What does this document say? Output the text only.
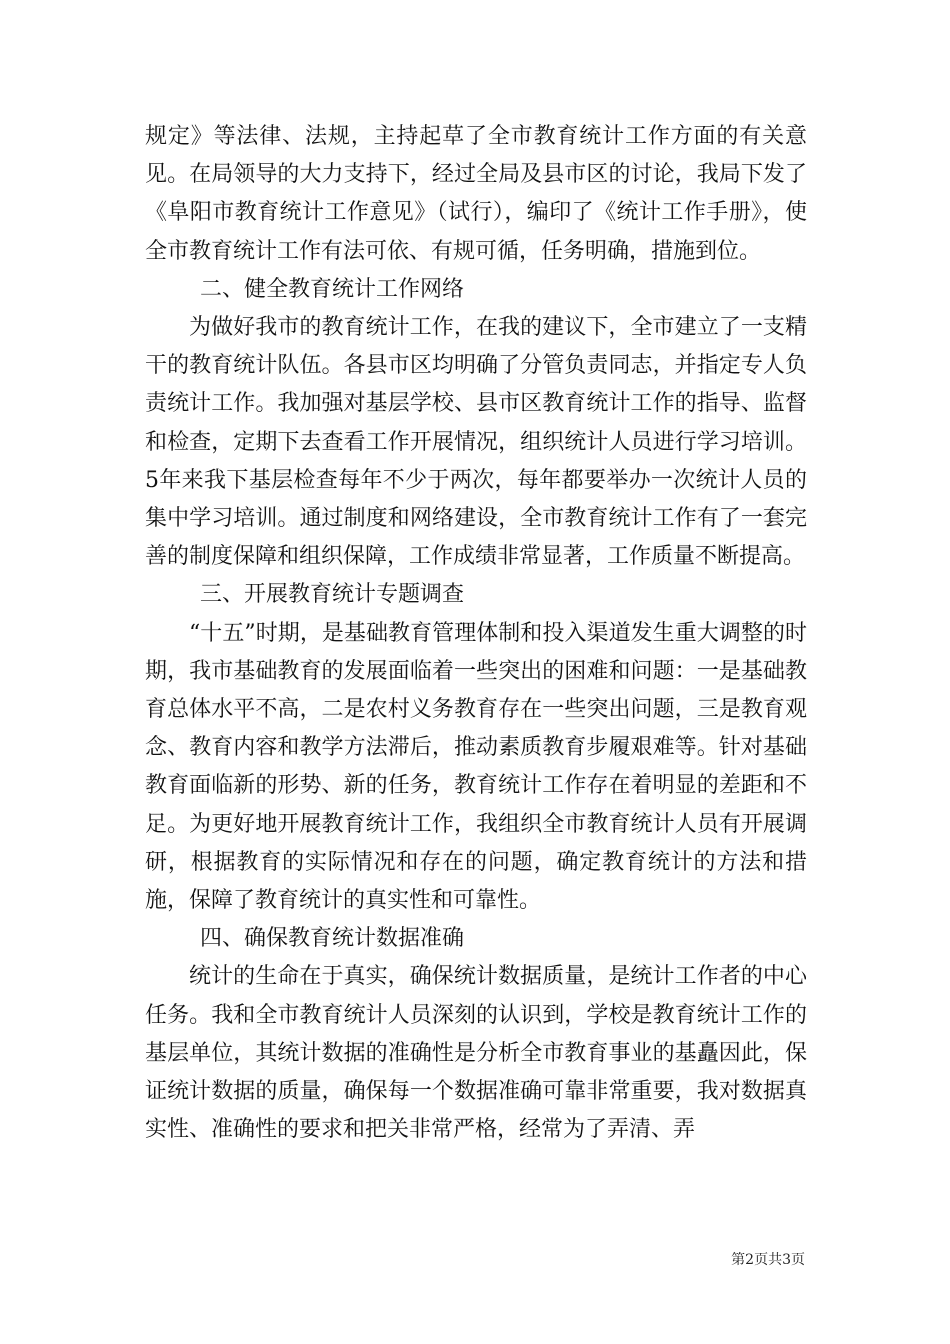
规定》等法律、法规，主持起草了全市教育统计工作方面的有关意见。在局领导的大力支持下，经过全局及县市区的讨论，我局下发了《阜阳市教育统计工作意见》（试行），编印了《统计工作手册》，使全市教育统计工作有法可依、有规可循，任务明确，措施到位。

二、健全教育统计工作网络

为做好我市的教育统计工作，在我的建议下，全市建立了一支精干的教育统计队伍。各县市区均明确了分管负责同志，并指定专人负责统计工作。我加强对基层学校、县市区教育统计工作的指导、监督和检查，定期下去查看工作开展情况，组织统计人员进行学习培训。5年来我下基层检查每年不少于两次，每年都要举办一次统计人员的集中学习培训。通过制度和网络建设，全市教育统计工作有了一套完善的制度保障和组织保障，工作成绩非常显著，工作质量不断提高。

三、开展教育统计专题调查

“十五”时期，是基础教育管理体制和投入渠道发生重大调整的时期，我市基础教育的发展面临着一些突出的困难和问题：一是基础教育总体水平不高，二是农村义务教育存在一些突出问题，三是教育观念、教育内容和教学方法滞后，推动素质教育步履艰难等。针对基础教育面临新的形势、新的任务，教育统计工作存在着明显的差距和不足。为更好地开展教育统计工作，我组织全市教育统计人员有开展调研，根据教育的实际情况和存在的问题，确定教育统计的方法和措施，保障了教育统计的真实性和可靠性。

四、确保教育统计数据准确

统计的生命在于真实，确保统计数据质量，是统计工作者的中心任务。我和全市教育统计人员深刻的认识到，学校是教育统计工作的基层单位，其统计数据的准确性是分析全市教育事业的基矗因此，保证统计数据的质量，确保每一个数据准确可靠非常重要，我对数据真实性、准确性的要求和把关非常严格，经常为了弄清、弄

第2页共3页
